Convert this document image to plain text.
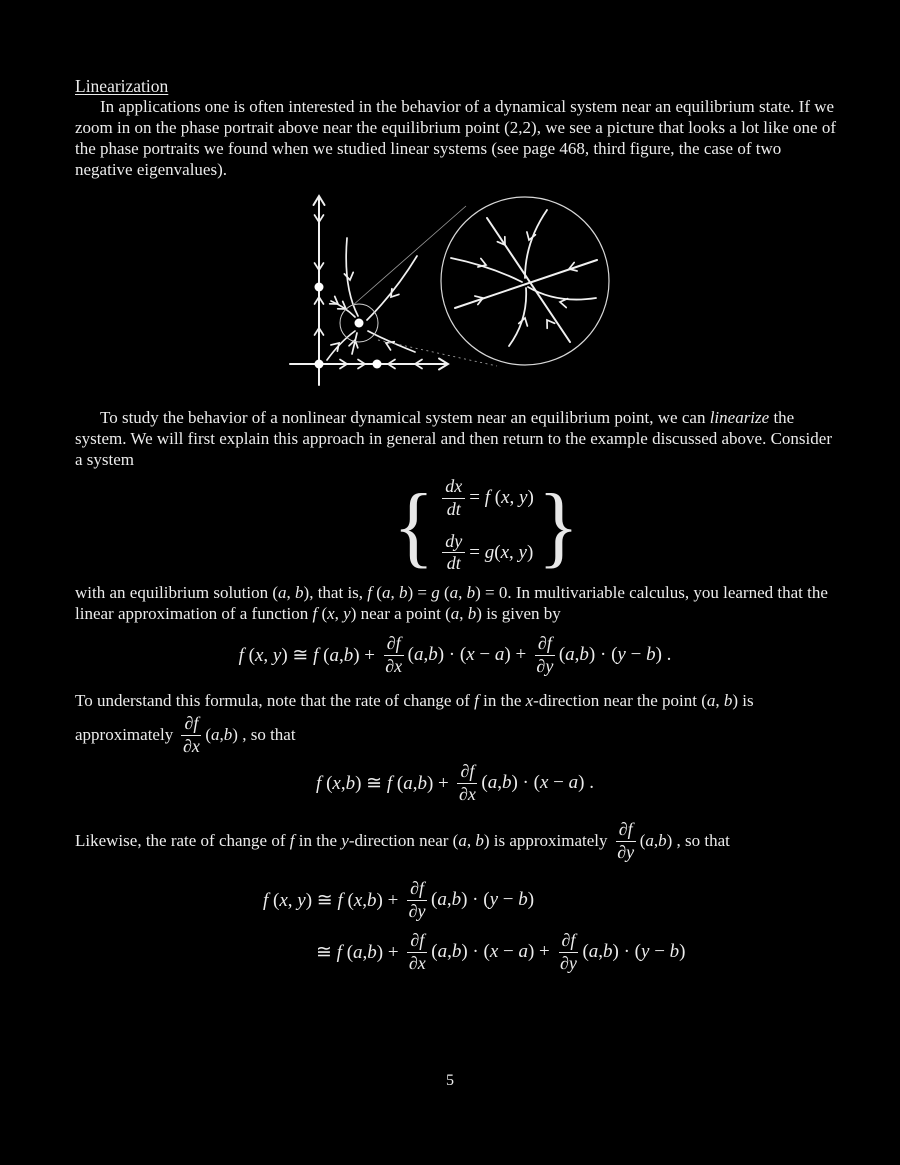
Linearization
In applications one is often interested in the behavior of a dynamical system near an equilibrium state. If we zoom in on the phase portrait above near the equilibrium point (2,2), we see a picture that looks a lot like one of the phase portraits we found when we studied linear systems (see page 468, third figure, the case of two negative eigenvalues).
To study the behavior of a nonlinear dynamical system near an equilibrium point, we can linearize the system. We will first explain this approach in general and then return to the example discussed above. Consider a system
{ $\frac{dx}{dt} = f$ (x, y)
$\frac{dy}{dt} = g(x$, y) }
with an equilibrium solution (a, b), that is, f (a, b) = g (a, b) = 0. In multivariable calculus, you learned that the linear approximation of a function f (x, y) near a point (a, b) is given by
f (x, y) ≅ f $(a,b) + \frac{\partial f}{\partial x} (a,b) \cdot (x - a) + \frac{\partial f}{\partial y} (a,b) \cdot (y - b)$ .
To understand this formula, note that the rate of change of f in the x-direction near the point (a, b) is
approximately $\frac{\partial f}{\partial x} (a,b)$ , so that
f (x,b) ≅ f $(a,b) + \frac{\partial f}{\partial x} (a,b) \cdot (x - a)$ .
Likewise, the rate of change of f in the y-direction near (a, b) is approximately $\frac{\partial f}{\partial y} (a,b)$ , so that
f (x, y) ≅ f $(x,b) + \frac{\partial f}{\partial y} (a,b) \cdot (y - b)$
≅ f $(a,b) + \frac{\partial f}{\partial x} (a,b) \cdot (x - a) + \frac{\partial f}{\partial y} (a,b) \cdot (y - b)$
5
